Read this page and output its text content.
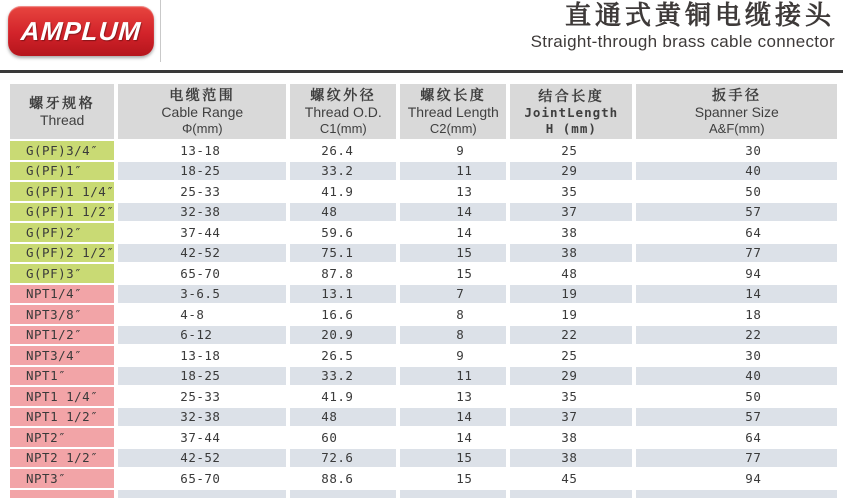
AMPLUM
直通式黄铜电缆接头
Straight-through brass cable connector
螺牙规格
Thread

电缆范围
Cable Range
Φ(mm)

螺纹外径
Thread O.D.
C1(mm)

螺纹长度
Thread Length
C2(mm)

结合长度
JointLength
H (mm)

扳手径
Spanner Size
A&F(mm)

G(PF)3/4″	13-18	26.4	9	25	30
G(PF)1″	18-25	33.2	11	29	40
G(PF)1 1/4″	25-33	41.9	13	35	50
G(PF)1 1/2″	32-38	48	14	37	57
G(PF)2″	37-44	59.6	14	38	64
G(PF)2 1/2″	42-52	75.1	15	38	77
G(PF)3″	65-70	87.8	15	48	94
NPT1/4″	3-6.5	13.1	7	19	14
NPT3/8″	4-8	16.6	8	19	18
NPT1/2″	6-12	20.9	8	22	22
NPT3/4″	13-18	26.5	9	25	30
NPT1″	18-25	33.2	11	29	40
NPT1 1/4″	25-33	41.9	13	35	50
NPT1 1/2″	32-38	48	14	37	57
NPT2″	37-44	60	14	38	64
NPT2 1/2″	42-52	72.6	15	38	77
NPT3″	65-70	88.6	15	45	94
